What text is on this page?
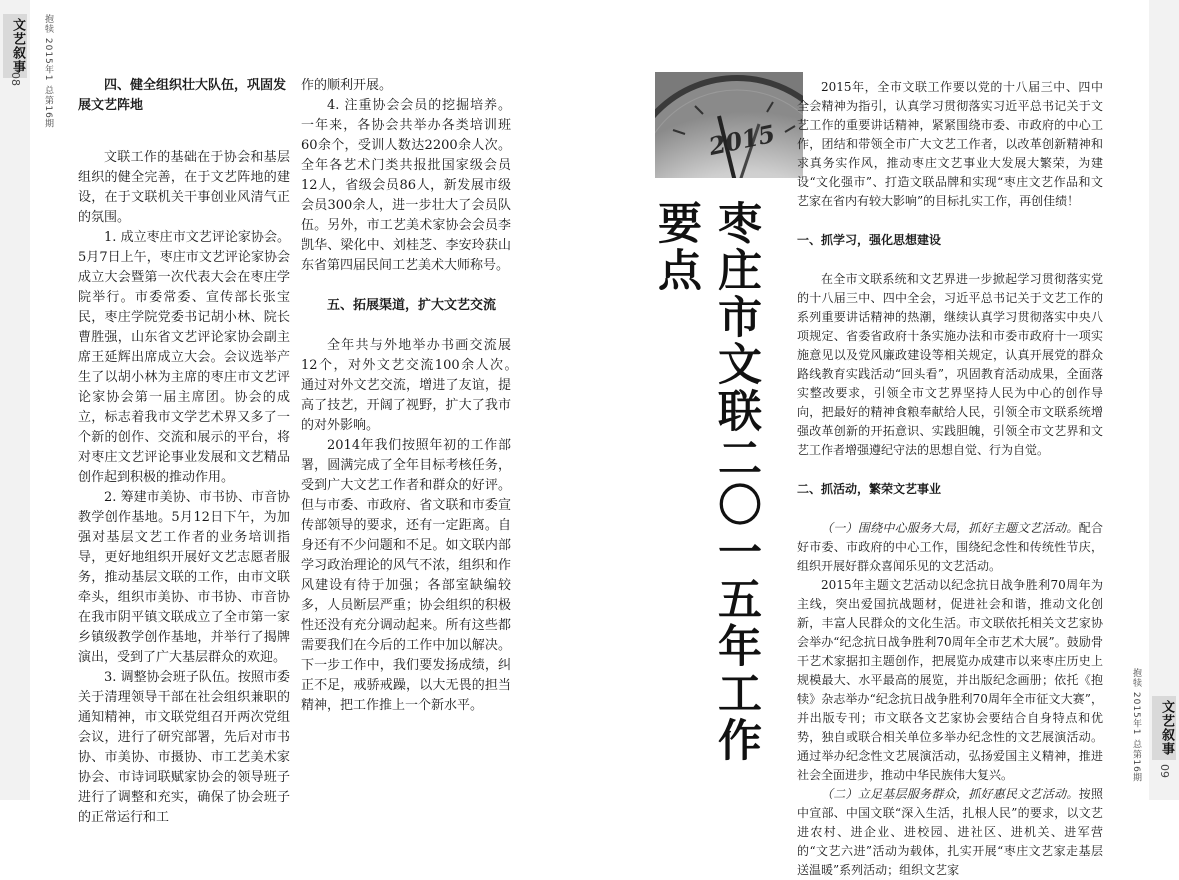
文艺叙事
08 抱犊 2015年1 总第16期
文艺叙事
09
抱犊 2015年1 总第16期
四、健全组织壮大队伍，巩固发展文艺阵地

文联工作的基础在于协会和基层组织的健全完善，在于文艺阵地的建设，在于文联机关干事创业风清气正的氛围。

1. 成立枣庄市文艺评论家协会。5月7日上午，枣庄市文艺评论家协会成立大会暨第一次代表大会在枣庄学院举行。市委常委、宣传部长张宝民，枣庄学院党委书记胡小林、院长曹胜强，山东省文艺评论家协会副主席王延辉出席成立大会。会议选举产生了以胡小林为主席的枣庄市文艺评论家协会第一届主席团。协会的成立，标志着我市文学艺术界又多了一个新的创作、交流和展示的平台，将对枣庄文艺评论事业发展和文艺精品创作起到积极的推动作用。

2. 筹建市美协、市书协、市音协教学创作基地。5月12日下午，为加强对基层文艺工作者的业务培训指导，更好地组织开展好文艺志愿者服务，推动基层文联的工作，由市文联牵头，组织市美协、市书协、市音协在我市阴平镇文联成立了全市第一家乡镇级教学创作基地，并举行了揭牌演出，受到了广大基层群众的欢迎。

3. 调整协会班子队伍。按照市委关于清理领导干部在社会组织兼职的通知精神，市文联党组召开两次党组会议，进行了研究部署，先后对市书协、市美协、市摄协、市工艺美术家协会、市诗词联赋家协会的领导班子进行了调整和充实，确保了协会班子的正常运行和工

作的顺利开展。

4. 注重协会会员的挖掘培养。一年来，各协会共举办各类培训班60余个，受训人数达2200余人次。全年各艺术门类共报批国家级会员12人，省级会员86人，新发展市级会员300余人，进一步壮大了会员队伍。另外，市工艺美术家协会会员李凯华、梁化中、刘桂芝、李安玲获山东省第四届民间工艺美术大师称号。

五、拓展渠道，扩大文艺交流

全年共与外地举办书画交流展12个，对外文艺交流100余人次。　通过对外文艺交流，增进了友谊，提高了技艺，开阔了视野，扩大了我市的对外影响。

2014年我们按照年初的工作部署，圆满完成了全年目标考核任务，受到广大文艺工作者和群众的好评。但与市委、市政府、省文联和市委宣传部领导的要求，还有一定距离。自身还有不少问题和不足。如文联内部学习政治理论的风气不浓，组织和作风建设有待于加强；各部室缺编较多，人员断层严重；协会组织的积极性还没有充分调动起来。所有这些都需要我们在今后的工作中加以解决。下一步工作中，我们要发扬成绩，纠正不足，戒骄戒躁，以大无畏的担当精神，把工作推上一个新水平。

2015
枣庄市文联二〇一五年工作要点

2015年，全市文联工作要以党的十八届三中、四中全会精神为指引，认真学习贯彻落实习近平总书记关于文艺工作的重要讲话精神，紧紧围绕市委、市政府的中心工作，团结和带领全市广大文艺工作者，以改革创新精神和求真务实作风，推动枣庄文艺事业大发展大繁荣，为建设“文化强市”、打造文联品牌和实现“枣庄文艺作品和文艺家在省内有较大影响”的目标扎实工作，再创佳绩！

一、抓学习，强化思想建设

在全市文联系统和文艺界进一步掀起学习贯彻落实党的十八届三中、四中全会，习近平总书记关于文艺工作的系列重要讲话精神的热潮，继续认真学习贯彻落实中央八项规定、省委省政府十条实施办法和市委市政府十一项实施意见以及党风廉政建设等相关规定，认真开展党的群众路线教育实践活动“回头看”，巩固教育活动成果，全面落实整改要求，引领全市文艺界坚持人民为中心的创作导向，把最好的精神食粮奉献给人民，引领全市文联系统增强改革创新的开拓意识、实践胆魄，引领全市文艺界和文艺工作者增强遵纪守法的思想自觉、行为自觉。

二、抓活动，繁荣文艺事业

（一）围绕中心服务大局，抓好主题文艺活动。配合好市委、市政府的中心工作，围绕纪念性和传统性节庆，组织开展好群众喜闻乐见的文艺活动。

2015年主题文艺活动以纪念抗日战争胜利70周年为主线，突出爱国抗战题材，促进社会和谐，推动文化创新，丰富人民群众的文化生活。市文联依托相关文艺家协会举办“纪念抗日战争胜利70周年全市艺术大展”。鼓励骨干艺术家据扣主题创作，把展览办成建市以来枣庄历史上规模最大、水平最高的展览，并出版纪念画册；依托《抱犊》杂志举办“纪念抗日战争胜利70周年全市征文大赛”，并出版专刊；市文联各文艺家协会要结合自身特点和优势，独自或联合相关单位多举办纪念性的文艺展演活动。通过举办纪念性文艺展演活动，弘扬爱国主义精神，推进社会全面进步，推动中华民族伟大复兴。

（二）立足基层服务群众，抓好惠民文艺活动。按照中宣部、中国文联“深入生活，扎根人民”的要求，以文艺进农村、进企业、进校园、进社区、进机关、进军营的“文艺六进”活动为载体，扎实开展“枣庄文艺家走基层送温暖”系列活动；组织文艺家
